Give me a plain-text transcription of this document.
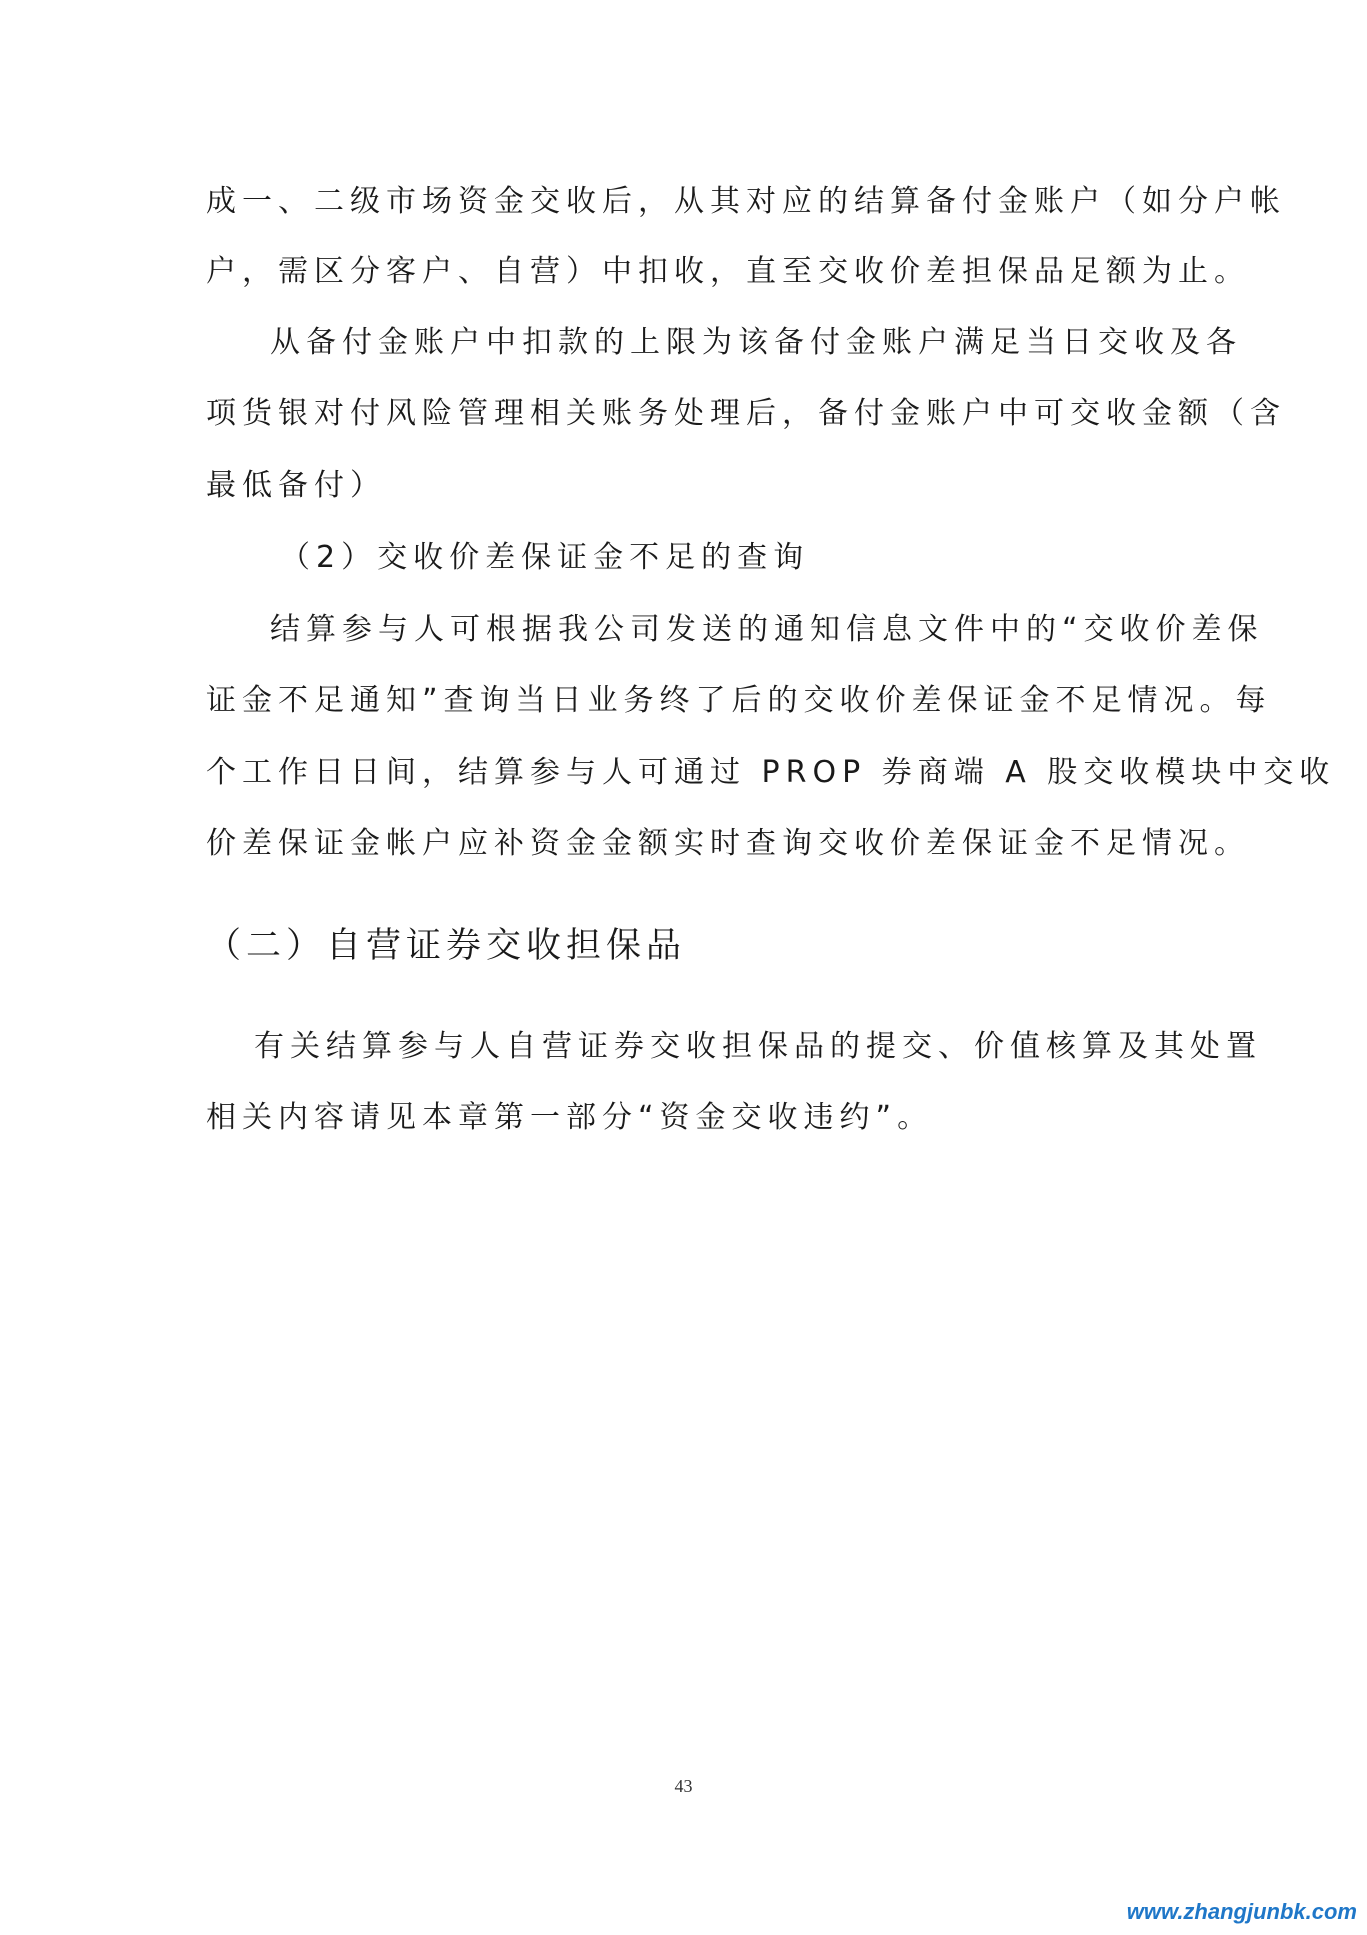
成一、二级市场资金交收后，从其对应的结算备付金账户（如分户帐
户，需区分客户、自营）中扣收，直至交收价差担保品足额为止。
从备付金账户中扣款的上限为该备付金账户满足当日交收及各
项货银对付风险管理相关账务处理后，备付金账户中可交收金额（含
最低备付）
（2）交收价差保证金不足的查询
结算参与人可根据我公司发送的通知信息文件中的“交收价差保
证金不足通知”查询当日业务终了后的交收价差保证金不足情况。每
个工作日日间，结算参与人可通过 PROP 券商端 A 股交收模块中交收
价差保证金帐户应补资金金额实时查询交收价差保证金不足情况。
（二）自营证券交收担保品
有关结算参与人自营证券交收担保品的提交、价值核算及其处置
相关内容请见本章第一部分“资金交收违约”。
43
www.zhangjunbk.com
